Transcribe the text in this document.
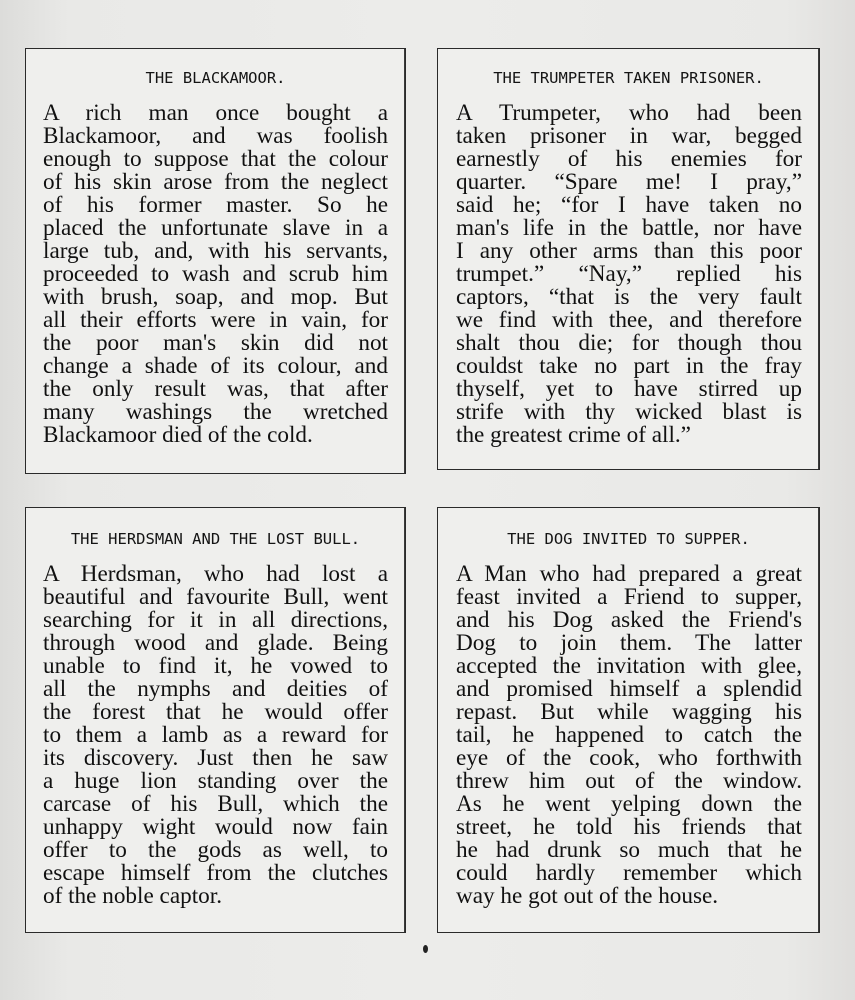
THE BLACKAMOOR.
A rich man once bought a
Blackamoor, and was foolish
enough to suppose that the colour
of his skin arose from the neglect
of his former master. So he
placed the unfortunate slave in a
large tub, and, with his servants,
proceeded to wash and scrub him
with brush, soap, and mop. But
all their efforts were in vain, for
the poor man's skin did not
change a shade of its colour, and
the only result was, that after
many washings the wretched
Blackamoor died of the cold.
THE TRUMPETER TAKEN PRISONER.
A Trumpeter, who had been
taken prisoner in war, begged
earnestly of his enemies for
quarter. “Spare me! I pray,”
said he; “for I have taken no
man's life in the battle, nor have
I any other arms than this poor
trumpet.” “Nay,” replied his
captors, “that is the very fault
we find with thee, and therefore
shalt thou die; for though thou
couldst take no part in the fray
thyself, yet to have stirred up
strife with thy wicked blast is
the greatest crime of all.”
THE HERDSMAN AND THE LOST BULL.
A Herdsman, who had lost a
beautiful and favourite Bull, went
searching for it in all directions,
through wood and glade. Being
unable to find it, he vowed to
all the nymphs and deities of
the forest that he would offer
to them a lamb as a reward for
its discovery. Just then he saw
a huge lion standing over the
carcase of his Bull, which the
unhappy wight would now fain
offer to the gods as well, to
escape himself from the clutches
of the noble captor.
THE DOG INVITED TO SUPPER.
A Man who had prepared a great
feast invited a Friend to supper,
and his Dog asked the Friend's
Dog to join them. The latter
accepted the invitation with glee,
and promised himself a splendid
repast. But while wagging his
tail, he happened to catch the
eye of the cook, who forthwith
threw him out of the window.
As he went yelping down the
street, he told his friends that
he had drunk so much that he
could hardly remember which
way he got out of the house.
